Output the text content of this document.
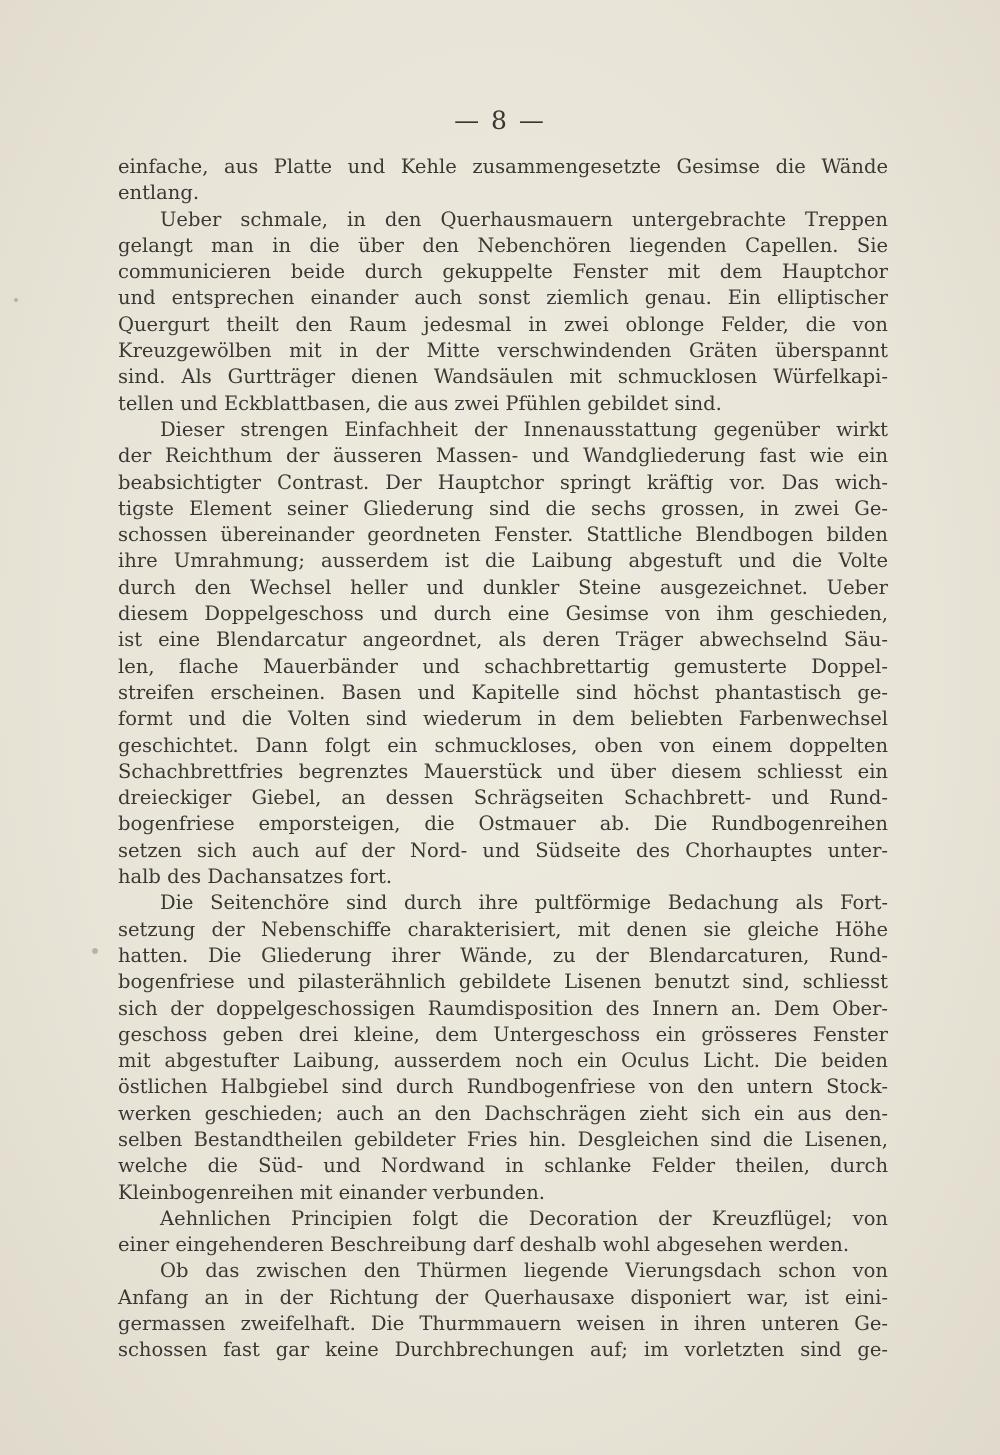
— 8 —
einfache, aus Platte und Kehle zusammengesetzte Gesimse die Wände
entlang.
Ueber schmale, in den Querhausmauern untergebrachte Treppen
gelangt man in die über den Nebenchören liegenden Capellen. Sie
communicieren beide durch gekuppelte Fenster mit dem Hauptchor
und entsprechen einander auch sonst ziemlich genau. Ein elliptischer
Quergurt theilt den Raum jedesmal in zwei oblonge Felder, die von
Kreuzgewölben mit in der Mitte verschwindenden Gräten überspannt
sind. Als Gurtträger dienen Wandsäulen mit schmucklosen Würfelkapi-
tellen und Eckblattbasen, die aus zwei Pfühlen gebildet sind.
Dieser strengen Einfachheit der Innenausstattung gegenüber wirkt
der Reichthum der äusseren Massen- und Wandgliederung fast wie ein
beabsichtigter Contrast. Der Hauptchor springt kräftig vor. Das wich-
tigste Element seiner Gliederung sind die sechs grossen, in zwei Ge-
schossen übereinander geordneten Fenster. Stattliche Blendbogen bilden
ihre Umrahmung; ausserdem ist die Laibung abgestuft und die Volte
durch den Wechsel heller und dunkler Steine ausgezeichnet. Ueber
diesem Doppelgeschoss und durch eine Gesimse von ihm geschieden,
ist eine Blendarcatur angeordnet, als deren Träger abwechselnd Säu-
len, flache Mauerbänder und schachbrettartig gemusterte Doppel-
streifen erscheinen. Basen und Kapitelle sind höchst phantastisch ge-
formt und die Volten sind wiederum in dem beliebten Farbenwechsel
geschichtet. Dann folgt ein schmuckloses, oben von einem doppelten
Schachbrettfries begrenztes Mauerstück und über diesem schliesst ein
dreieckiger Giebel, an dessen Schrägseiten Schachbrett- und Rund-
bogenfriese emporsteigen, die Ostmauer ab. Die Rundbogenreihen
setzen sich auch auf der Nord- und Südseite des Chorhauptes unter-
halb des Dachansatzes fort.
Die Seitenchöre sind durch ihre pultförmige Bedachung als Fort-
setzung der Nebenschiffe charakterisiert, mit denen sie gleiche Höhe
hatten. Die Gliederung ihrer Wände, zu der Blendarcaturen, Rund-
bogenfriese und pilasterähnlich gebildete Lisenen benutzt sind, schliesst
sich der doppelgeschossigen Raumdisposition des Innern an. Dem Ober-
geschoss geben drei kleine, dem Untergeschoss ein grösseres Fenster
mit abgestufter Laibung, ausserdem noch ein Oculus Licht. Die beiden
östlichen Halbgiebel sind durch Rundbogenfriese von den untern Stock-
werken geschieden; auch an den Dachschrägen zieht sich ein aus den-
selben Bestandtheilen gebildeter Fries hin. Desgleichen sind die Lisenen,
welche die Süd- und Nordwand in schlanke Felder theilen, durch
Kleinbogenreihen mit einander verbunden.
Aehnlichen Principien folgt die Decoration der Kreuzflügel; von
einer eingehenderen Beschreibung darf deshalb wohl abgesehen werden.
Ob das zwischen den Thürmen liegende Vierungsdach schon von
Anfang an in der Richtung der Querhausaxe disponiert war, ist eini-
germassen zweifelhaft. Die Thurmmauern weisen in ihren unteren Ge-
schossen fast gar keine Durchbrechungen auf; im vorletzten sind ge-
